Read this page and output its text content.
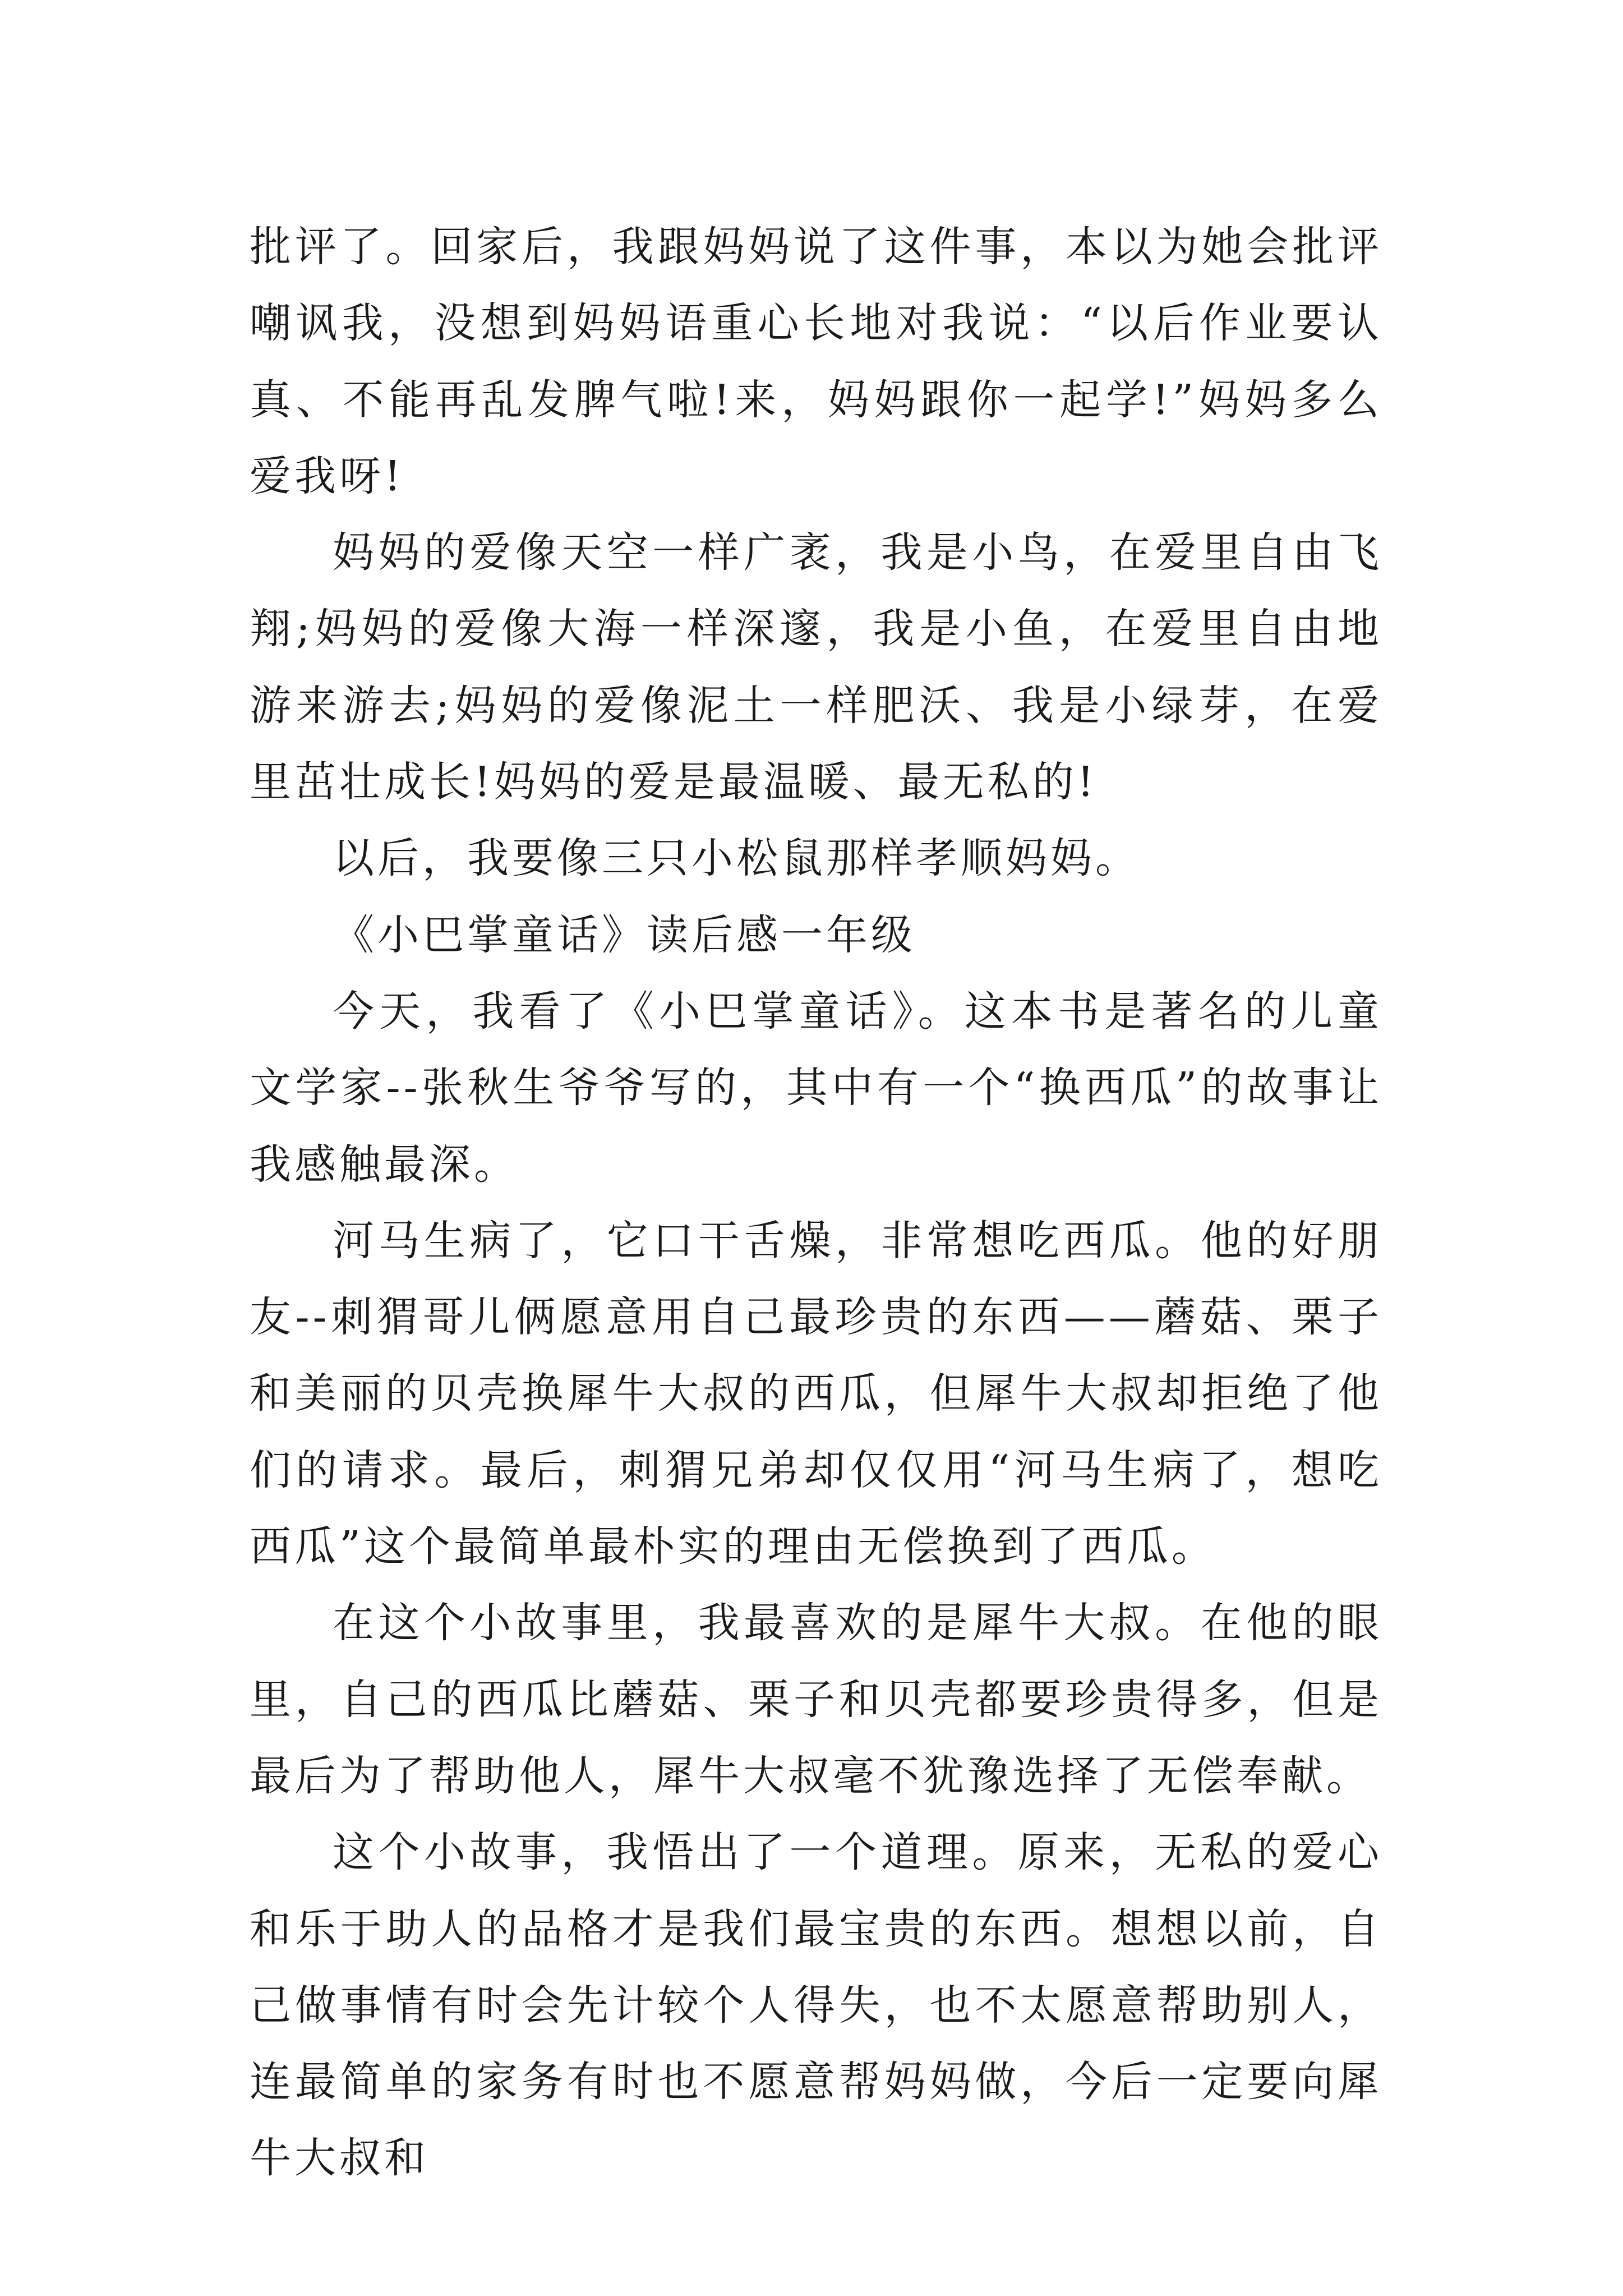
批评了。回家后，我跟妈妈说了这件事，本以为她会批评嘲讽我，没想到妈妈语重心长地对我说：“以后作业要认真、不能再乱发脾气啦!来，妈妈跟你一起学!”妈妈多么爱我呀!

妈妈的爱像天空一样广袤，我是小鸟，在爱里自由飞翔;妈妈的爱像大海一样深邃，我是小鱼，在爱里自由地游来游去;妈妈的爱像泥土一样肥沃、我是小绿芽，在爱里茁壮成长!妈妈的爱是最温暖、最无私的!

以后，我要像三只小松鼠那样孝顺妈妈。

《小巴掌童话》读后感一年级

今天，我看了《小巴掌童话》。这本书是著名的儿童文学家--张秋生爷爷写的，其中有一个“换西瓜”的故事让我感触最深。

河马生病了，它口干舌燥，非常想吃西瓜。他的好朋友--刺猬哥儿俩愿意用自己最珍贵的东西——蘑菇、栗子和美丽的贝壳换犀牛大叔的西瓜，但犀牛大叔却拒绝了他们的请求。最后，刺猬兄弟却仅仅用“河马生病了，想吃西瓜”这个最简单最朴实的理由无偿换到了西瓜。

在这个小故事里，我最喜欢的是犀牛大叔。在他的眼里，自己的西瓜比蘑菇、栗子和贝壳都要珍贵得多，但是最后为了帮助他人，犀牛大叔毫不犹豫选择了无偿奉献。

这个小故事，我悟出了一个道理。原来，无私的爱心和乐于助人的品格才是我们最宝贵的东西。想想以前，自己做事情有时会先计较个人得失，也不太愿意帮助别人，连最简单的家务有时也不愿意帮妈妈做，今后一定要向犀牛大叔和
